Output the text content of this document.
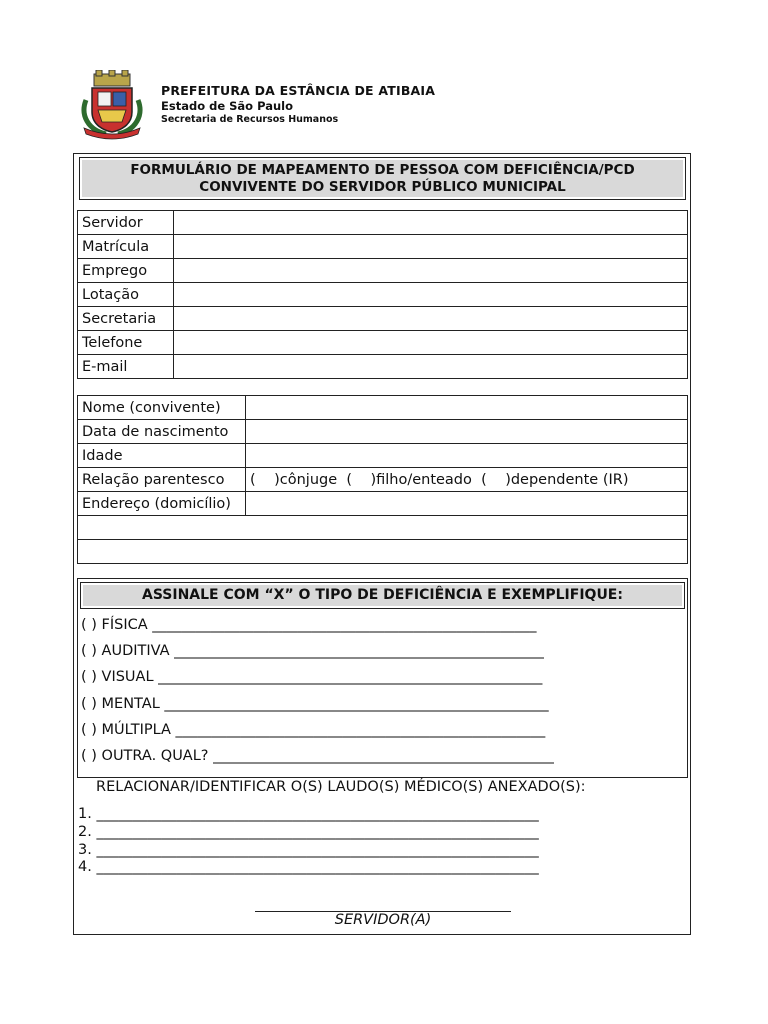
PREFEITURA DA ESTÂNCIA DE ATIBAIA
Estado de São Paulo
Secretaria de Recursos Humanos
FORMULÁRIO DE MAPEAMENTO DE PESSOA COM DEFICIÊNCIA/PCD
CONVIVENTE DO SERVIDOR PÚBLICO MUNICIPAL
Servidor	
Matrícula	
Emprego	
Lotação	
Secretaria	
Telefone	
E-mail	
Nome (convivente)	
Data de nascimento	
Idade	
Relação parentesco	(    )cônjuge  (    )filho/enteado  (    )dependente (IR)
Endereço (domicílio)	

ASSINALE COM “X” O TIPO DE DEFICIÊNCIA E EXEMPLIFIQUE:
( ) FÍSICA _____________________________________________________
( ) AUDITIVA ___________________________________________________
( ) VISUAL _____________________________________________________
( ) MENTAL _____________________________________________________
( ) MÚLTIPLA ___________________________________________________
( ) OUTRA. QUAL? _______________________________________________
RELACIONAR/IDENTIFICAR O(S) LAUDO(S) MÉDICO(S) ANEXADO(S):
1. _____________________________________________________________
2. _____________________________________________________________
3. _____________________________________________________________
4. _____________________________________________________________
SERVIDOR(A)
